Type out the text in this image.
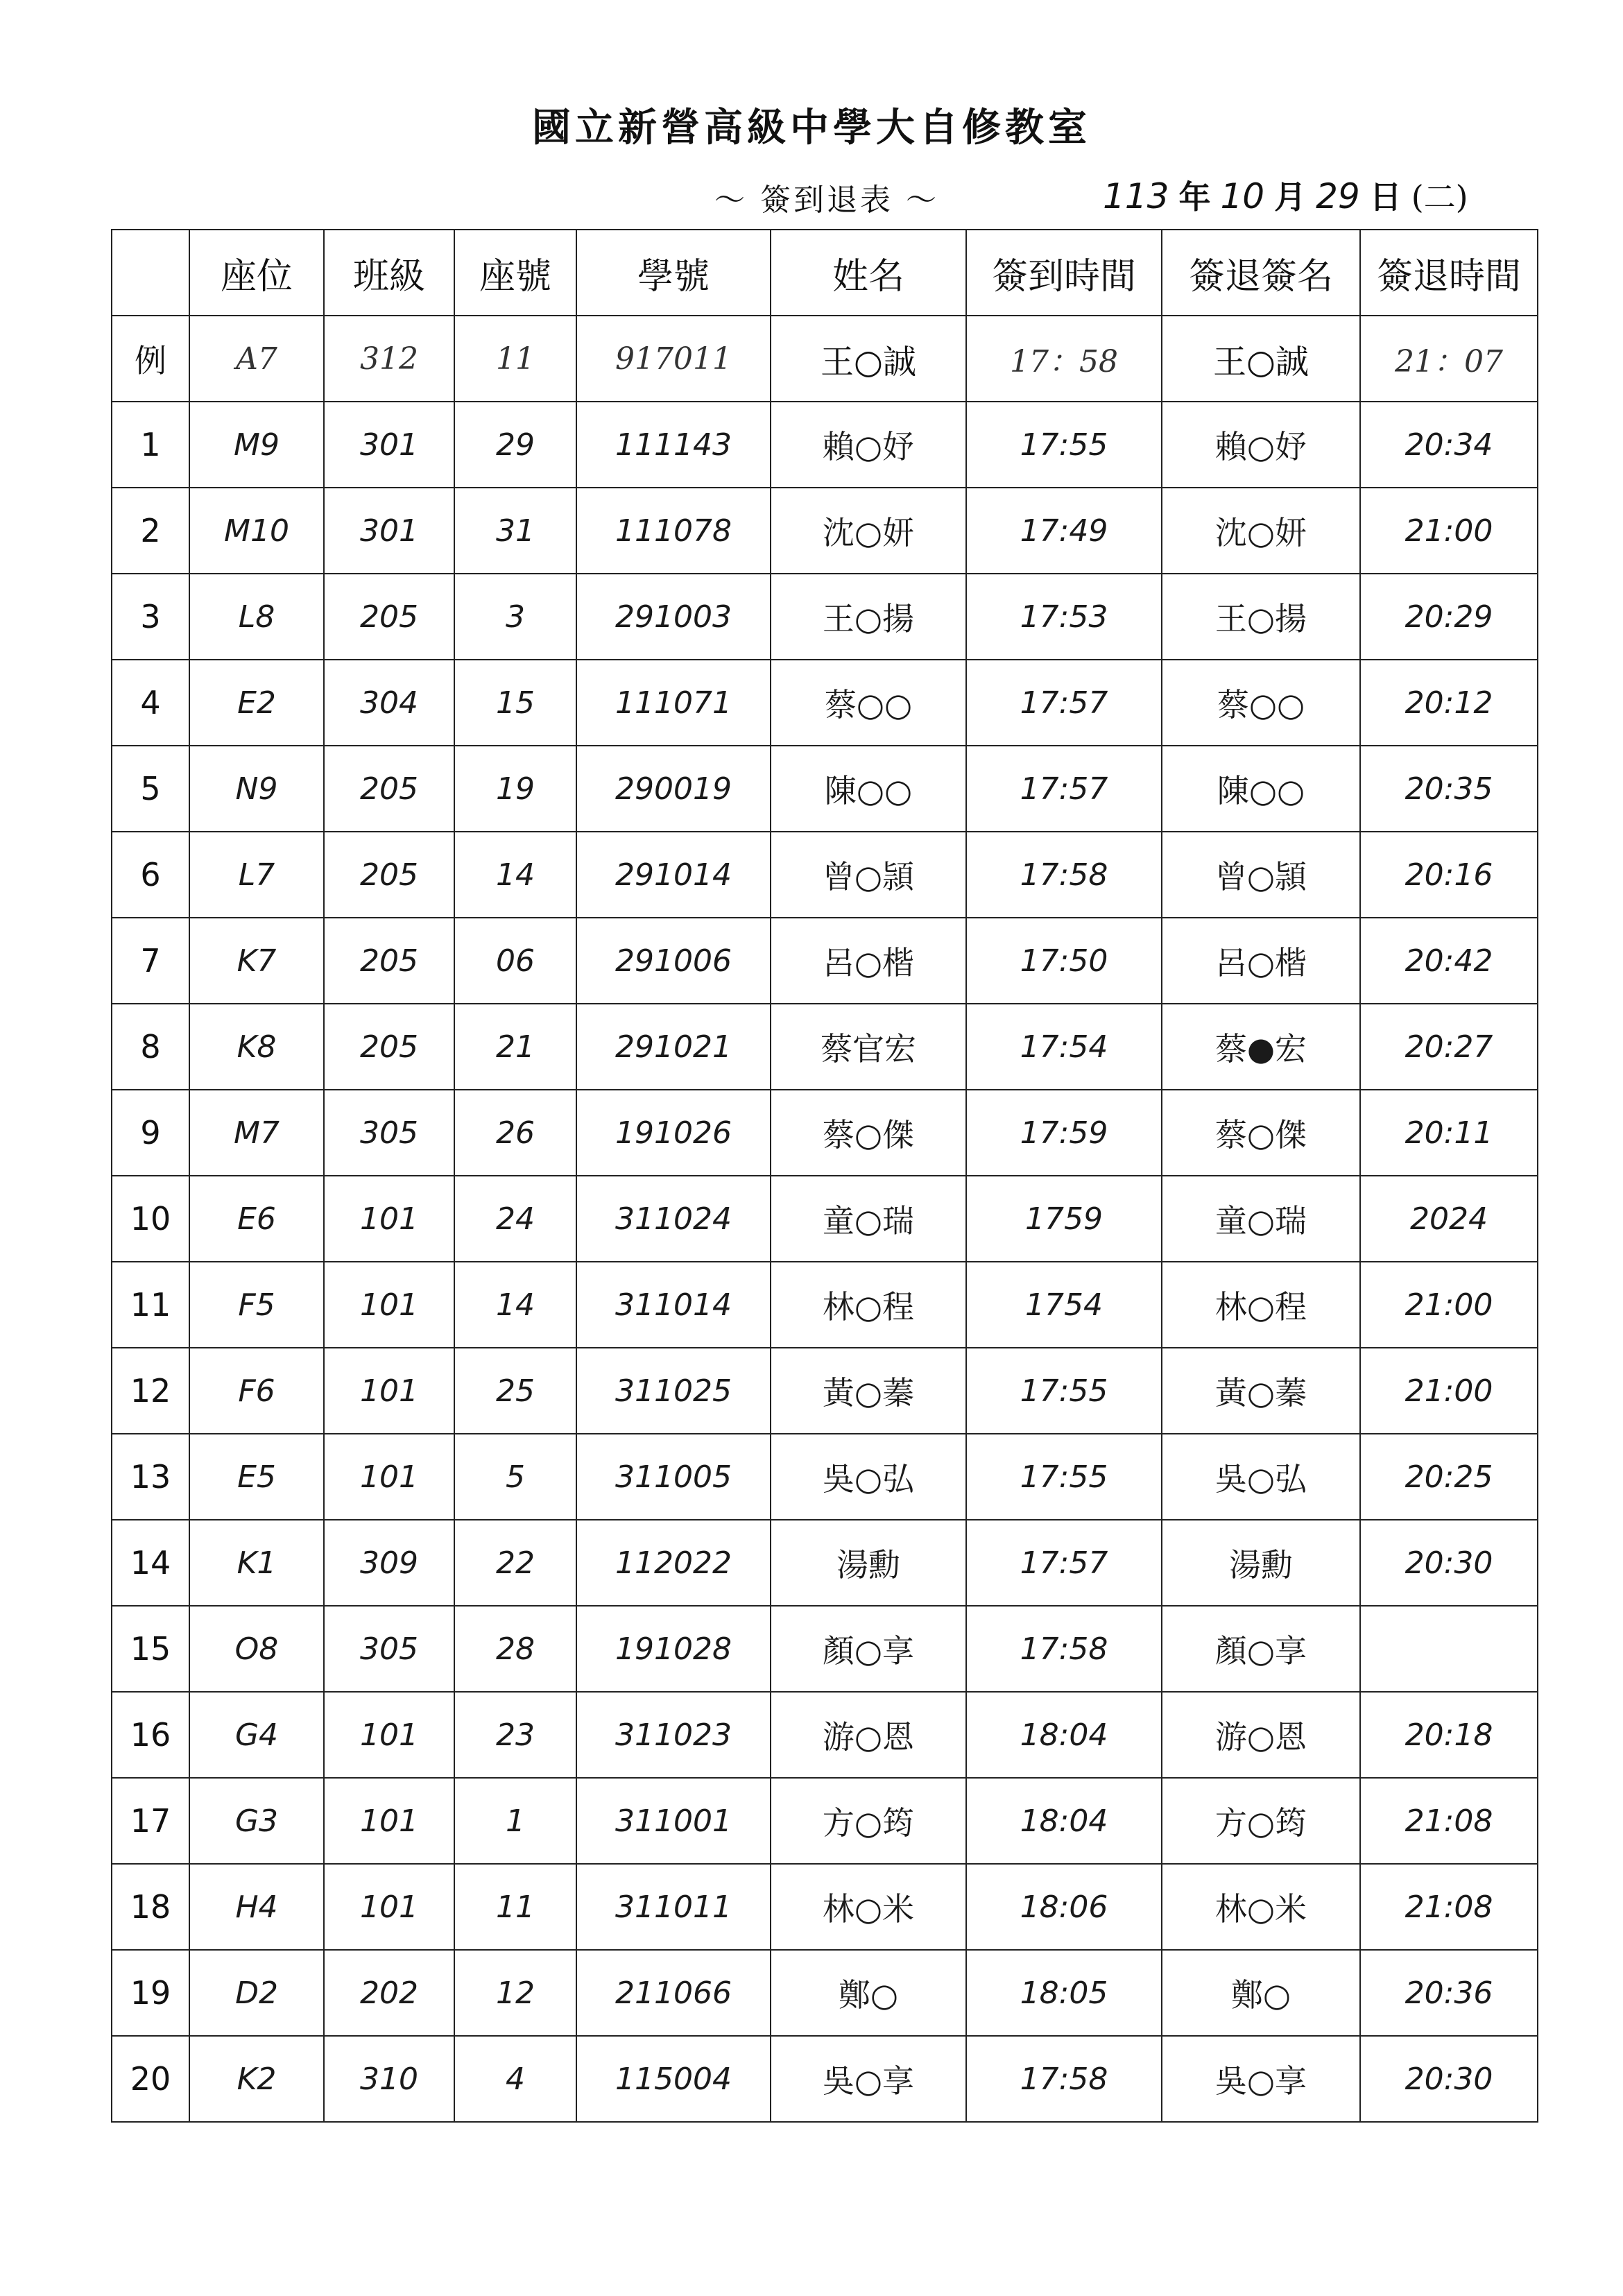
國立新營高級中學大自修教室
〜 簽到退表 〜	113 年 10 月 29 日 (二)
	座位	班級	座號	學號	姓名	簽到時間	簽退簽名	簽退時間
例	A7	312	11	917011	王○誠	17：58	王○誠	21：07
1	M9	301	29	111143	賴○妤	17:55	賴○妤	20:34
2	M10	301	31	111078	沈○妍	17:49	沈○妍	21:00
3	L8	205	3	291003	王○揚	17:53	王○揚	20:29
4	E2	304	15	111071	蔡○○	17:57	蔡○○	20:12
5	N9	205	19	290019	陳○○	17:57	陳○○	20:35
6	L7	205	14	291014	曾○頴	17:58	曾○頴	20:16
7	K7	205	06	291006	呂○楷	17:50	呂○楷	20:42
8	K8	205	21	291021	蔡官宏	17:54	蔡●宏	20:27
9	M7	305	26	191026	蔡○傑	17:59	蔡○傑	20:11
10	E6	101	24	311024	童○瑞	1759	童○瑞	2024
11	F5	101	14	311014	林○程	1754	林○程	21:00
12	F6	101	25	311025	黃○蓁	17:55	黃○蓁	21:00
13	E5	101	5	311005	吳○弘	17:55	吳○弘	20:25
14	K1	309	22	112022	湯勳	17:57	湯勳	20:30
15	O8	305	28	191028	顏○享	17:58	顏○享	
16	G4	101	23	311023	游○恩	18:04	游○恩	20:18
17	G3	101	1	311001	方○筠	18:04	方○筠	21:08
18	H4	101	11	311011	林○米	18:06	林○米	21:08
19	D2	202	12	211066	鄭○	18:05	鄭○	20:36
20	K2	310	4	115004	吳○享	17:58	吳○享	20:30
